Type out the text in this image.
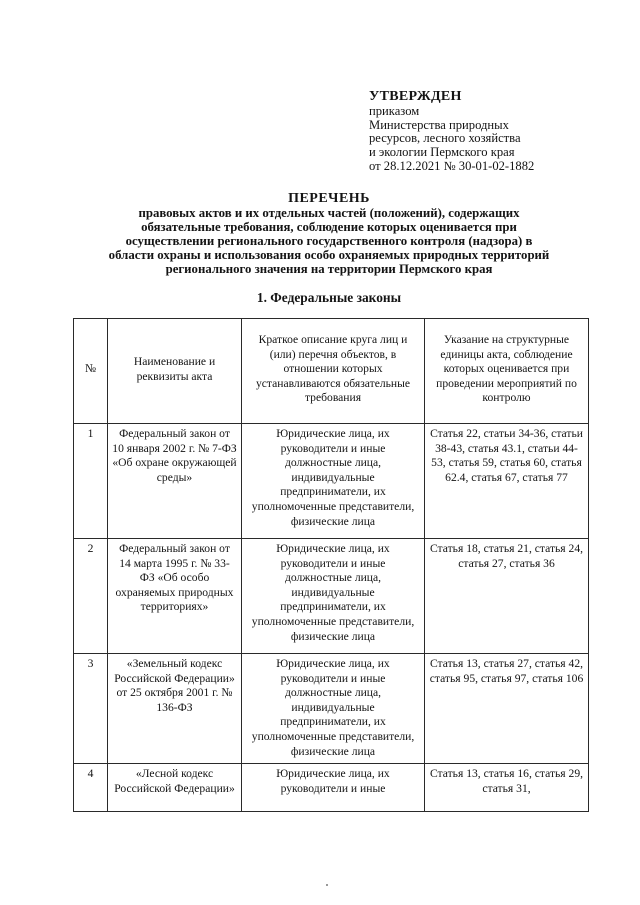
УТВЕРЖДЕН
приказом
Министерства природных
ресурсов, лесного хозяйства
и экологии Пермского края
от 28.12.2021 № 30-01-02-1882
ПЕРЕЧЕНЬ
правовых актов и их отдельных частей (положений), содержащих
обязательные требования, соблюдение которых оценивается при
осуществлении регионального государственного контроля (надзора) в
области охраны и использования особо охраняемых природных территорий
регионального значения на территории Пермского края
1. Федеральные законы
№	Наименование и реквизиты акта	Краткое описание круга лиц и (или) перечня объектов, в отношении которых устанавливаются обязательные требования	Указание на структурные единицы акта, соблюдение которых оценивается при проведении мероприятий по контролю
1	Федеральный закон от 10 января 2002 г. № 7-ФЗ «Об охране окружающей среды»	Юридические лица, их руководители и иные должностные лица, индивидуальные предприниматели, их уполномоченные представители, физические лица	Статья 22, статьи 34-36, статьи 38-43, статья 43.1, статьи 44-53, статья 59, статья 60, статья 62.4, статья 67, статья 77
2	Федеральный закон от 14 марта 1995 г. № 33-ФЗ «Об особо охраняемых природных территориях»	Юридические лица, их руководители и иные должностные лица, индивидуальные предприниматели, их уполномоченные представители, физические лица	Статья 18, статья 21, статья 24, статья 27, статья 36
3	«Земельный кодекс Российской Федерации» от 25 октября 2001 г. № 136-ФЗ	Юридические лица, их руководители и иные должностные лица, индивидуальные предприниматели, их уполномоченные представители, физические лица	Статья 13, статья 27, статья 42, статья 95, статья 97, статья 106
4	«Лесной кодекс Российской Федерации»	Юридические лица, их руководители и иные	Статья 13, статья 16, статья 29, статья 31,
